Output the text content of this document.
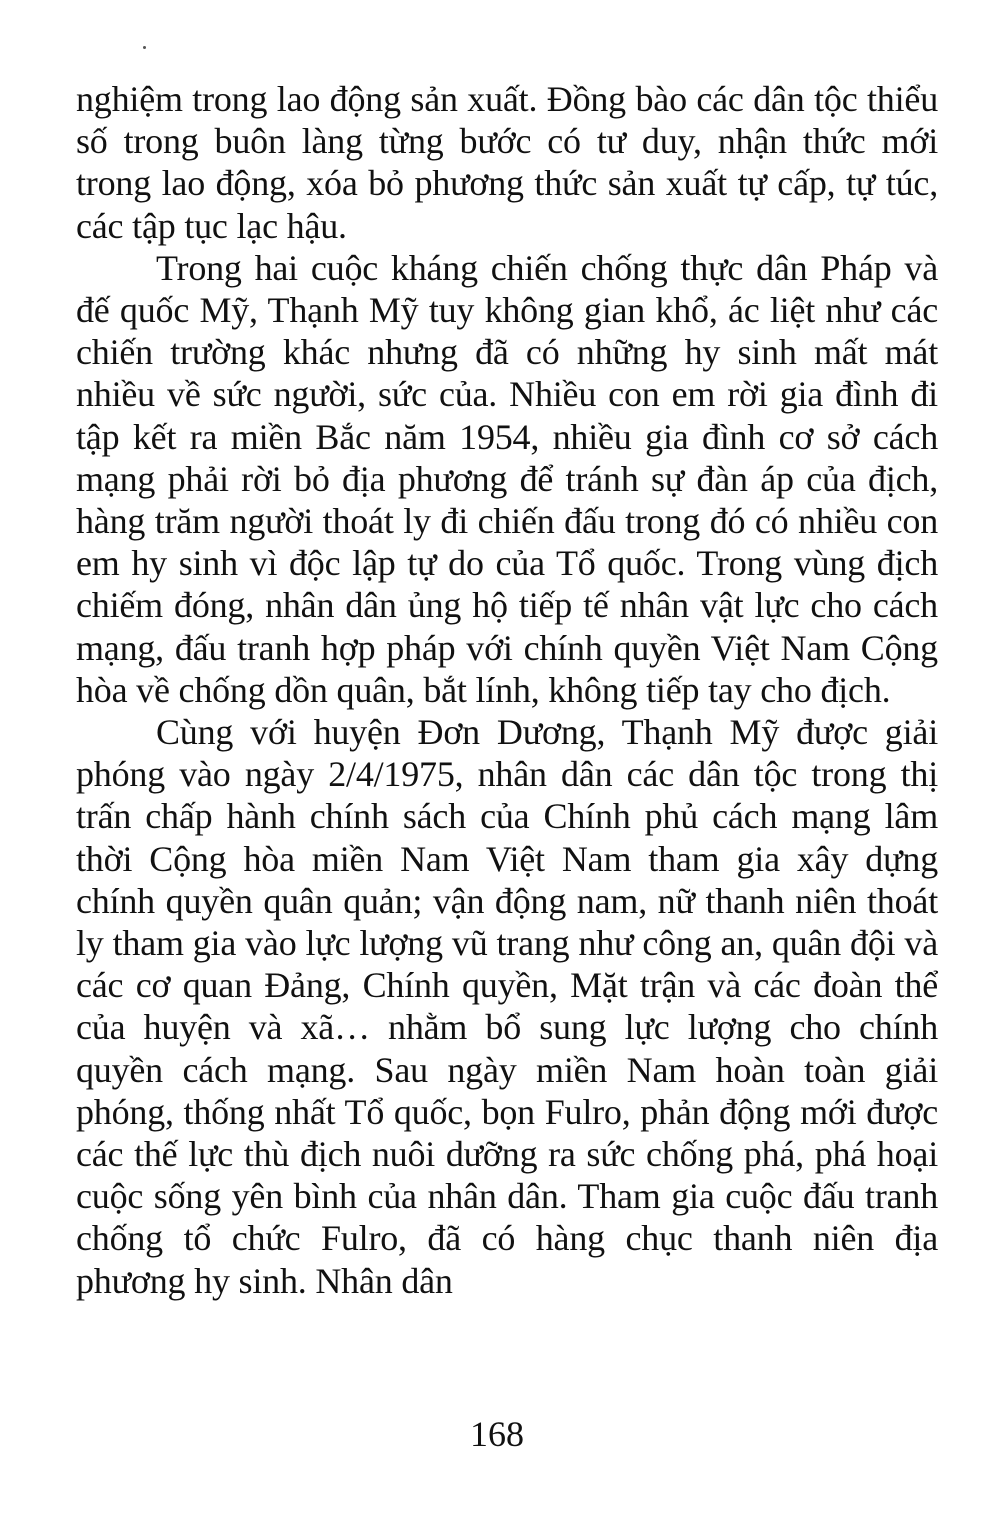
nghiệm trong lao động sản xuất. Đồng bào các dân tộc thiểu số trong buôn làng từng bước có tư duy, nhận thức mới trong lao động, xóa bỏ phương thức sản xuất tự cấp, tự túc, các tập tục lạc hậu.

Trong hai cuộc kháng chiến chống thực dân Pháp và đế quốc Mỹ, Thạnh Mỹ tuy không gian khổ, ác liệt như các chiến trường khác nhưng đã có những hy sinh mất mát nhiều về sức người, sức của. Nhiều con em rời gia đình đi tập kết ra miền Bắc năm 1954, nhiều gia đình cơ sở cách mạng phải rời bỏ địa phương để tránh sự đàn áp của địch, hàng trăm người thoát ly đi chiến đấu trong đó có nhiều con em hy sinh vì độc lập tự do của Tổ quốc. Trong vùng địch chiếm đóng, nhân dân ủng hộ tiếp tế nhân vật lực cho cách mạng, đấu tranh hợp pháp với chính quyền Việt Nam Cộng hòa về chống dồn quân, bắt lính, không tiếp tay cho địch.

Cùng với huyện Đơn Dương, Thạnh Mỹ được giải phóng vào ngày 2/4/1975, nhân dân các dân tộc trong thị trấn chấp hành chính sách của Chính phủ cách mạng lâm thời Cộng hòa miền Nam Việt Nam tham gia xây dựng chính quyền quân quản; vận động nam, nữ thanh niên thoát ly tham gia vào lực lượng vũ trang như công an, quân đội và các cơ quan Đảng, Chính quyền, Mặt trận và các đoàn thể của huyện và xã… nhằm bổ sung lực lượng cho chính quyền cách mạng. Sau ngày miền Nam hoàn toàn giải phóng, thống nhất Tổ quốc, bọn Fulro, phản động mới được các thế lực thù địch nuôi dưỡng ra sức chống phá, phá hoại cuộc sống yên bình của nhân dân. Tham gia cuộc đấu tranh chống tổ chức Fulro, đã có hàng chục thanh niên địa phương hy sinh. Nhân dân

168
